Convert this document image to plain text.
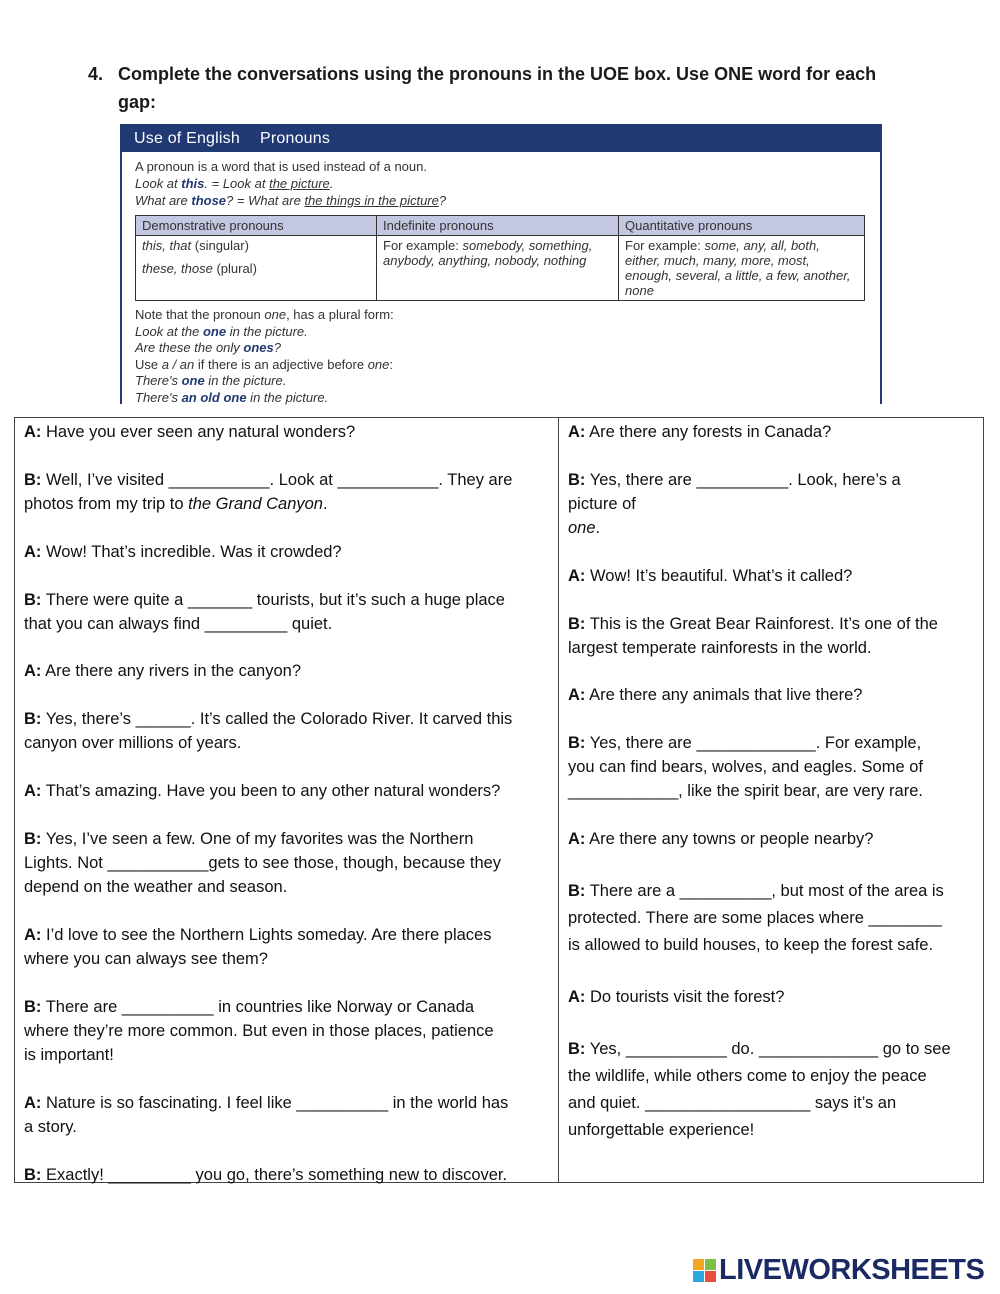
4. Complete the conversations using the pronouns in the UOE box. Use ONE word for each
gap:
Use of English Pronouns

A pronoun is a word that is used instead of a noun.

Look at this. = Look at the picture.

What are those? = What are the things in the picture?

Demonstrative pronouns	Indefinite pronouns	Quantitative pronouns

this, that (singular)
these, those (plural)	For example: somebody, something, anybody, anything, nobody, nothing	For example: some, any, all, both, either, much, many, more, most, enough, several, a little, a few, another, none

Note that the pronoun one, has a plural form:

Look at the one in the picture.

Are these the only ones?

Use a / an if there is an adjective before one:

There's one in the picture.

There's an old one in the picture.

A: Have you ever seen any natural wonders?
B: Well, I’ve visited ___________. Look at ___________. They are
photos from my trip to the Grand Canyon.
A: Wow! That’s incredible. Was it crowded?
B: There were quite a _______ tourists, but it’s such a huge place
that you can always find _________ quiet.
A: Are there any rivers in the canyon?
B: Yes, there’s ______. It’s called the Colorado River. It carved this
canyon over millions of years.
A: That’s amazing. Have you been to any other natural wonders?
B: Yes, I’ve seen a few. One of my favorites was the Northern
Lights. Not ___________gets to see those, though, because they
depend on the weather and season.
A: I’d love to see the Northern Lights someday. Are there places
where you can always see them?
B: There are __________ in countries like Norway or Canada
where they’re more common. But even in those places, patience
is important!
A: Nature is so fascinating. I feel like __________ in the world has
a story.
B: Exactly! _________ you go, there’s something new to discover.
A: Are there any forests in Canada?
B: Yes, there are __________. Look, here’s a
picture of
one.
A: Wow! It’s beautiful. What’s it called?
B: This is the Great Bear Rainforest. It’s one of the
largest temperate rainforests in the world.
A: Are there any animals that live there?
B: Yes, there are _____________. For example,
you can find bears, wolves, and eagles. Some of
____________, like the spirit bear, are very rare.
A: Are there any towns or people nearby?
B: There are a __________, but most of the area is
protected. There are some places where ________
is allowed to build houses, to keep the forest safe.
A: Do tourists visit the forest?
B: Yes, ___________ do. _____________ go to see
the wildlife, while others come to enjoy the peace
and quiet. __________________ says it’s an
unforgettable experience!
LIVEWORKSHEETS
